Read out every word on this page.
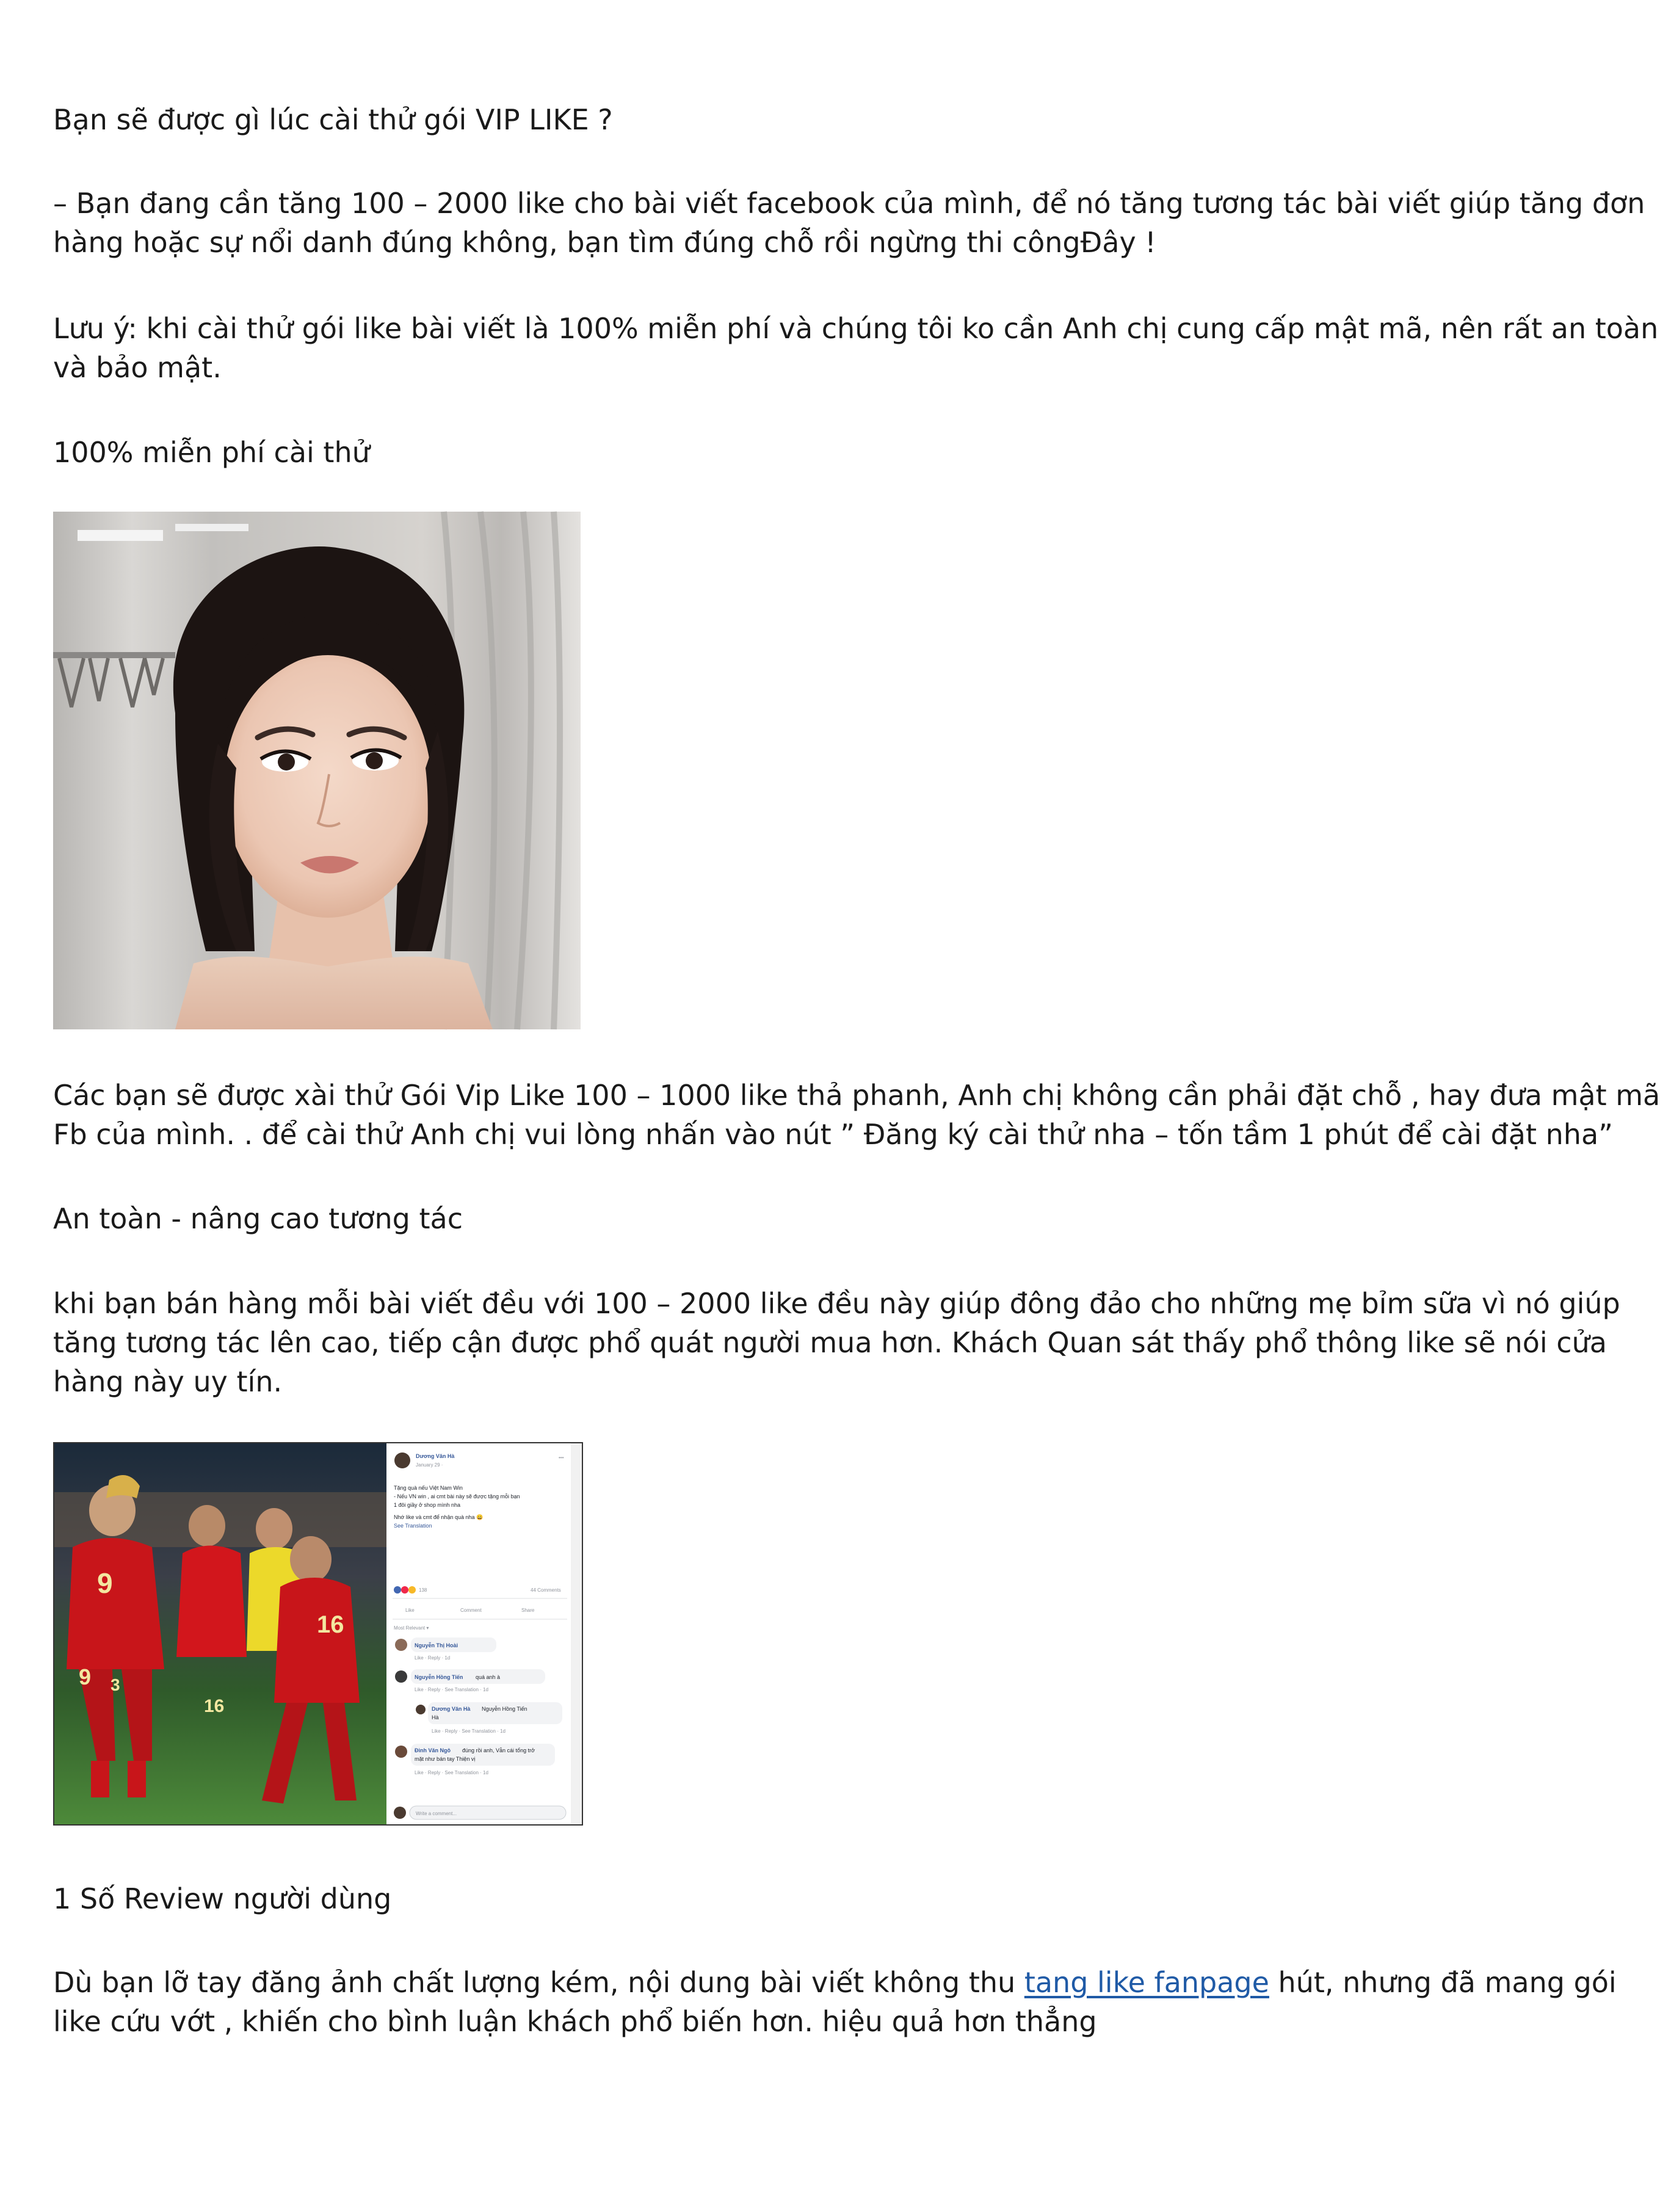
Bạn sẽ được gì lúc cài thử gói VIP LIKE ?

– Bạn đang cần tăng 100 – 2000 like cho bài viết facebook của mình, để nó tăng tương tác bài viết giúp tăng đơn
hàng hoặc sự nổi danh đúng không, bạn tìm đúng chỗ rồi ngừng thi côngĐây !

Lưu ý: khi cài thử gói like bài viết là 100% miễn phí và chúng tôi ko cần Anh chị cung cấp mật mã, nên rất an toàn
và bảo mật.

100% miễn phí cài thử

Các bạn sẽ được xài thử Gói Vip Like 100 – 1000 like thả phanh, Anh chị không cần phải đặt chỗ , hay đưa mật mã
Fb của mình. . để cài thử Anh chị vui lòng nhấn vào nút ” Đăng ký cài thử nha – tốn tầm 1 phút để cài đặt nha”

An toàn - nâng cao tương tác

khi bạn bán hàng mỗi bài viết đều với 100 – 2000 like đều này giúp đông đảo cho những mẹ bỉm sữa vì nó giúp
tăng tương tác lên cao, tiếp cận được phổ quát người mua hơn. Khách Quan sát thấy phổ thông like sẽ nói cửa
hàng này uy tín.

9
9 3
16
16
Dương Văn Hà
January 29 ·
•••
Tặng quà nếu Việt Nam Win
- Nếu VN win , ai cmt bài này sẽ được tặng mỗi bạn
1 đôi giầy ở shop mình nha
Nhớ like và cmt để nhận quà nha 😀
See Translation
138	44 Comments
Like	Comment	Share
Most Relevant ▾
Nguyễn Thị Hoài
Like · Reply · 1d
Nguyễn Hồng Tiến quá anh à
Like · Reply · See Translation · 1d
Dương Văn Hà Nguyễn Hồng Tiến
Hà
Like · Reply · See Translation · 1d
Đinh Văn Ngô đúng rồi anh, Vẫn cái tổng trở
mặt như bán tay Thiện vị
Like · Reply · See Translation · 1d
Write a comment...

1 Số Review người dùng

Dù bạn lỡ tay đăng ảnh chất lượng kém, nội dung bài viết không thu tang like fanpage hút, nhưng đã mang gói
like cứu vớt , khiến cho bình luận khách phổ biến hơn. hiệu quả hơn thẳng
